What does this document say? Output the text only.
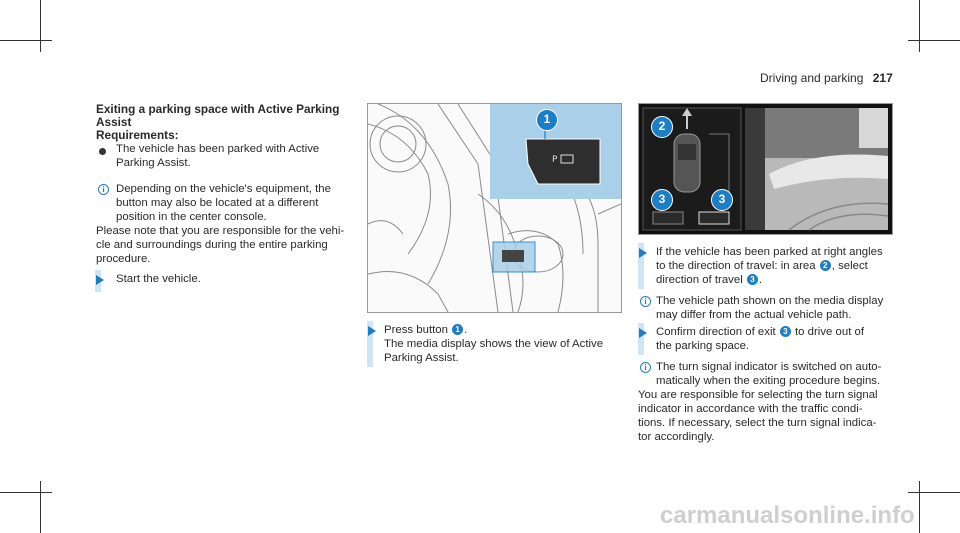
Driving and parking 217
Exiting a parking space with Active Parking
Assist
Requirements:
The vehicle has been parked with Active
Parking Assist.
i Depending on the vehicle's equipment, the
button may also be located at a different
position in the center console.
Please note that you are responsible for the vehi-
cle and surroundings during the entire parking
procedure.
Start the vehicle.
P
1
Press button 1 .
The media display shows the view of Active
Parking Assist.
2
3	3
If the vehicle has been parked at right angles
to the direction of travel: in area 2 , select
direction of travel 3 .
i The vehicle path shown on the media display
may differ from the actual vehicle path.
Confirm direction of exit 3 to drive out of
the parking space.
i The turn signal indicator is switched on auto-
matically when the exiting procedure begins.
You are responsible for selecting the turn signal
indicator in accordance with the traffic condi-
tions. If necessary, select the turn signal indica-
tor accordingly.
carmanualsonline.info
